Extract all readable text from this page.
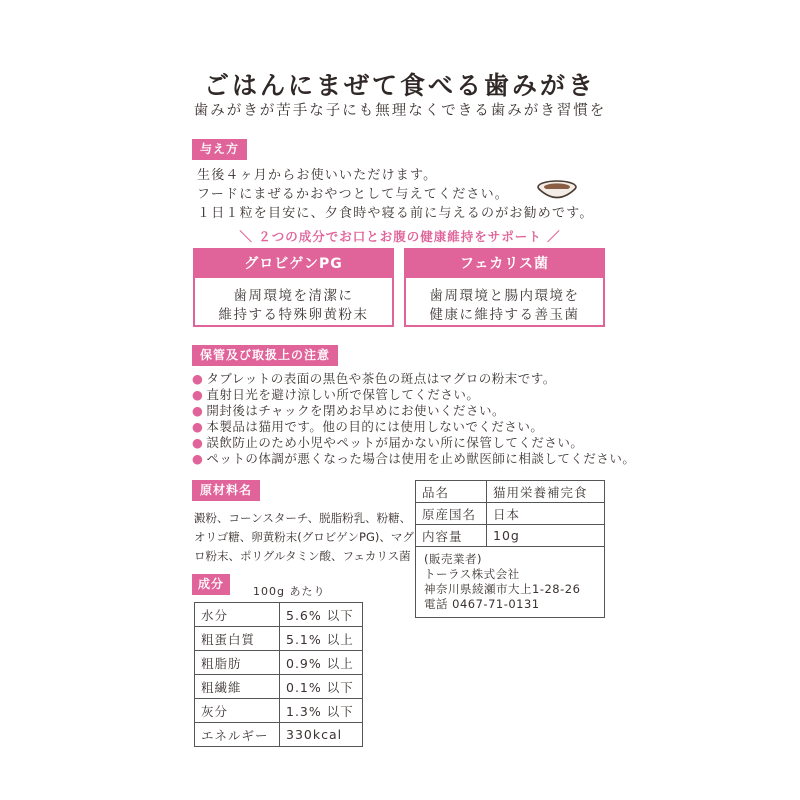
ごはんにまぜて食べる歯みがき
歯みがきが苦手な子にも無理なくできる歯みがき習慣を
与え方
生後４ヶ月からお使いいただけます。
フードにまぜるかおやつとして与えてください。
１日１粒を目安に、夕食時や寝る前に与えるのがお勧めです。
＼ ２つの成分でお口とお腹の健康維持をサポート ／
グロビゲンPG
歯周環境を清潔に
維持する特殊卵黄粉末
フェカリス菌
歯周環境と腸内環境を
健康に維持する善玉菌
保管及び取扱上の注意
● タブレットの表面の黒色や茶色の斑点はマグロの粉末です。
● 直射日光を避け涼しい所で保管してください。
● 開封後はチャックを閉めお早めにお使いください。
● 本製品は猫用です。他の目的には使用しないでください。
● 誤飲防止のため小児やペットが届かない所に保管してください。
● ペットの体調が悪くなった場合は使用を止め獣医師に相談してください。
原材料名
澱粉、コーンスターチ、脱脂粉乳、粉糖、
オリゴ糖、卵黄粉末(グロビゲンPG)、マグ
ロ粉末、ポリグルタミン酸、フェカリス菌
成分
100g あたり
水分	5.6% 以下
粗蛋白質	5.1% 以上
粗脂肪	0.9% 以上
粗繊維	0.1% 以下
灰分	1.3% 以下
エネルギー	330kcal
品名	猫用栄養補完食
原産国名	日本
内容量	10g
(販売業者)
トーラス株式会社
神奈川県綾瀬市大上1-28-26
電話 0467-71-0131
